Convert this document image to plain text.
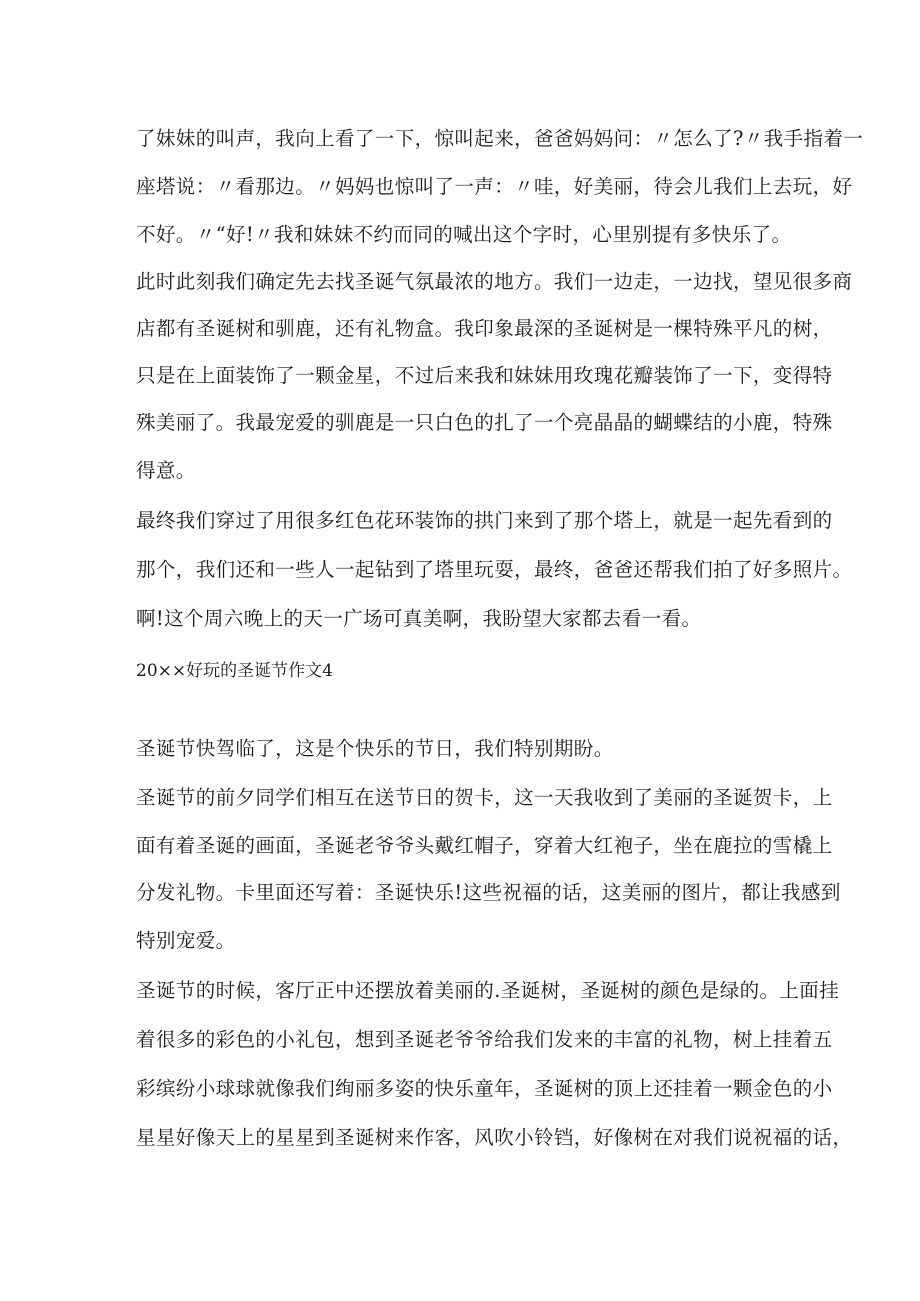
了妹妹的叫声，我向上看了一下，惊叫起来，爸爸妈妈问：〃怎么了?〃我手指着一
座塔说：〃看那边。〃妈妈也惊叫了一声：〃哇，好美丽，待会儿我们上去玩，好
不好。〃“好!〃我和妹妹不约而同的喊出这个字时，心里别提有多快乐了。
此时此刻我们确定先去找圣诞气氛最浓的地方。我们一边走，一边找，望见很多商
店都有圣诞树和驯鹿，还有礼物盒。我印象最深的圣诞树是一棵特殊平凡的树，
只是在上面装饰了一颗金星，不过后来我和妹妹用玫瑰花瓣装饰了一下，变得特
殊美丽了。我最宠爱的驯鹿是一只白色的扎了一个亮晶晶的蝴蝶结的小鹿，特殊
得意。
最终我们穿过了用很多红色花环装饰的拱门来到了那个塔上，就是一起先看到的
那个，我们还和一些人一起钻到了塔里玩耍，最终，爸爸还帮我们拍了好多照片。
啊!这个周六晚上的天一广场可真美啊，我盼望大家都去看一看。
20××好玩的圣诞节作文4
圣诞节快驾临了，这是个快乐的节日，我们特别期盼。
圣诞节的前夕同学们相互在送节日的贺卡，这一天我收到了美丽的圣诞贺卡，上
面有着圣诞的画面，圣诞老爷爷头戴红帽子，穿着大红袍子，坐在鹿拉的雪橇上
分发礼物。卡里面还写着：圣诞快乐!这些祝福的话，这美丽的图片，都让我感到
特别宠爱。
圣诞节的时候，客厅正中还摆放着美丽的.圣诞树，圣诞树的颜色是绿的。上面挂
着很多的彩色的小礼包，想到圣诞老爷爷给我们发来的丰富的礼物，树上挂着五
彩缤纷小球球就像我们绚丽多姿的快乐童年，圣诞树的顶上还挂着一颗金色的小
星星好像天上的星星到圣诞树来作客，风吹小铃铛，好像树在对我们说祝福的话，
